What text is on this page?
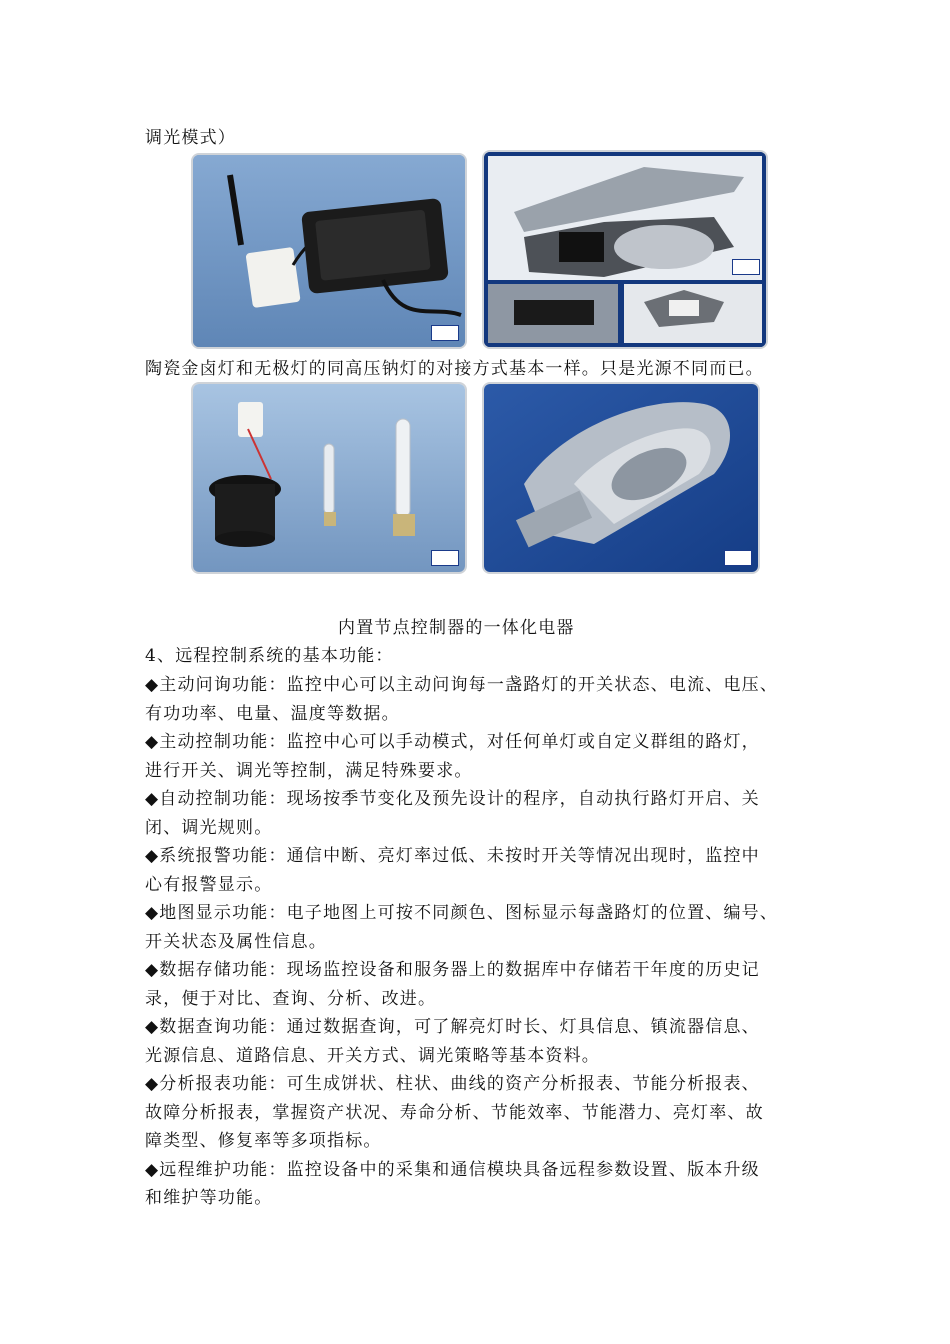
调光模式）
陶瓷金卤灯和无极灯的同高压钠灯的对接方式基本一样。只是光源不同而已。
内置节点控制器的一体化电器
4、远程控制系统的基本功能：
◆主动问询功能：监控中心可以主动问询每一盏路灯的开关状态、电流、电压、
有功功率、电量、温度等数据。
◆主动控制功能：监控中心可以手动模式，对任何单灯或自定义群组的路灯，
进行开关、调光等控制，满足特殊要求。
◆自动控制功能：现场按季节变化及预先设计的程序，自动执行路灯开启、关
闭、调光规则。
◆系统报警功能：通信中断、亮灯率过低、未按时开关等情况出现时，监控中
心有报警显示。
◆地图显示功能：电子地图上可按不同颜色、图标显示每盏路灯的位置、编号、
开关状态及属性信息。
◆数据存储功能：现场监控设备和服务器上的数据库中存储若干年度的历史记
录，便于对比、查询、分析、改进。
◆数据查询功能：通过数据查询，可了解亮灯时长、灯具信息、镇流器信息、
光源信息、道路信息、开关方式、调光策略等基本资料。
◆分析报表功能：可生成饼状、柱状、曲线的资产分析报表、节能分析报表、
故障分析报表，掌握资产状况、寿命分析、节能效率、节能潜力、亮灯率、故
障类型、修复率等多项指标。
◆远程维护功能：监控设备中的采集和通信模块具备远程参数设置、版本升级
和维护等功能。
